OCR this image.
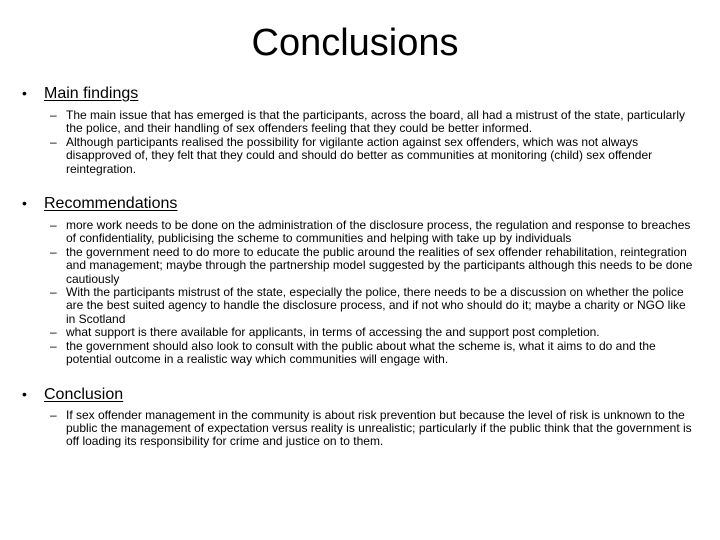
Conclusions
•	Main findings
– The main issue that has emerged is that the participants, across the board, all had a mistrust of the state, particularly the police, and their handling of sex offenders feeling that they could be better informed.
– Although participants realised the possibility for vigilante action against sex offenders, which was not always disapproved of, they felt that they could and should do better as communities at monitoring (child) sex offender reintegration.
•	Recommendations
– more work needs to be done on the administration of the disclosure process, the regulation and response to breaches of confidentiality, publicising the scheme to communities and helping with take up by individuals
– the government need to do more to educate the public around the realities of sex offender rehabilitation, reintegration and management; maybe through the partnership model suggested by the participants although this needs to be done cautiously
– With the participants mistrust of the state, especially the police, there needs to be a discussion on whether the police are the best suited agency to handle the disclosure process, and if not who should do it; maybe a charity or NGO like in Scotland
– what support is there available for applicants, in terms of accessing the and support post completion.
– the government should also look to consult with the public about what the scheme is, what it aims to do and the potential outcome in a realistic way which communities will engage with.
•	Conclusion
– If sex offender management in the community is about risk prevention but because the level of risk is unknown to the public the management of expectation versus reality is unrealistic; particularly if the public think that the government is off loading its responsibility for crime and justice on to them.
